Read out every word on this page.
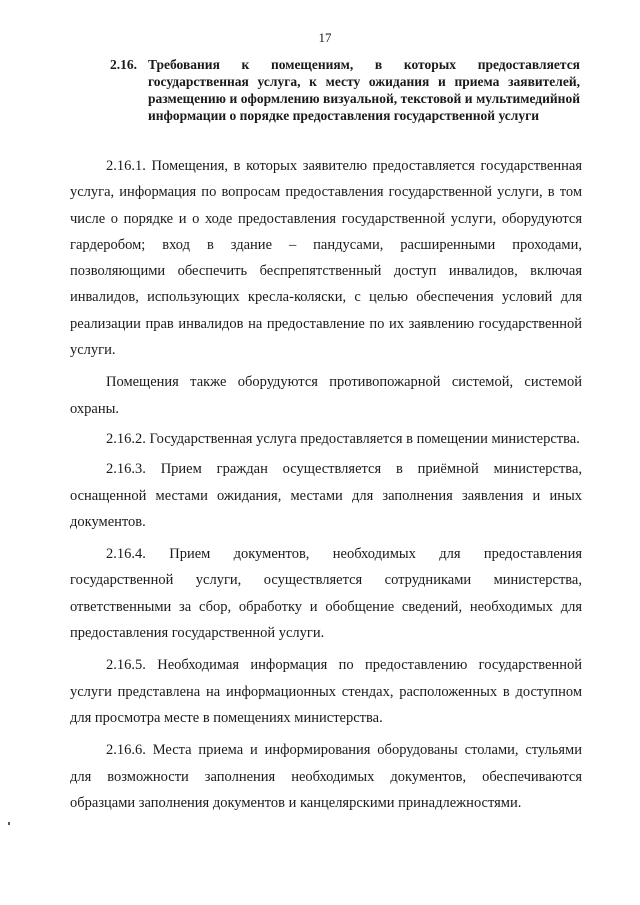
17
2.16. Требования к помещениям, в которых предоставляется государственная услуга, к месту ожидания и приема заявителей, размещению и оформлению визуальной, текстовой и мультимедийной информации о порядке предоставления государственной услуги

2.16.1. Помещения, в которых заявителю предоставляется государственная услуга, информация по вопросам предоставления государственной услуги, в том числе о порядке и о ходе предоставления государственной услуги, оборудуются гардеробом; вход в здание – пандусами, расширенными проходами, позволяющими обеспечить беспрепятственный доступ инвалидов, включая инвалидов, использующих кресла-коляски, с целью обеспечения условий для реализации прав инвалидов на предоставление по их заявлению государственной услуги.

Помещения также оборудуются противопожарной системой, системой охраны.

2.16.2. Государственная услуга предоставляется в помещении министерства.

2.16.3. Прием граждан осуществляется в приёмной министерства, оснащенной местами ожидания, местами для заполнения заявления и иных документов.

2.16.4. Прием документов, необходимых для предоставления государственной услуги, осуществляется сотрудниками министерства, ответственными за сбор, обработку и обобщение сведений, необходимых для предоставления государственной услуги.

2.16.5. Необходимая информация по предоставлению государственной услуги представлена на информационных стендах, расположенных в доступном для просмотра месте в помещениях министерства.

2.16.6. Места приема и информирования оборудованы столами, стульями для возможности заполнения необходимых документов, обеспечиваются образцами заполнения документов и канцелярскими принадлежностями.
